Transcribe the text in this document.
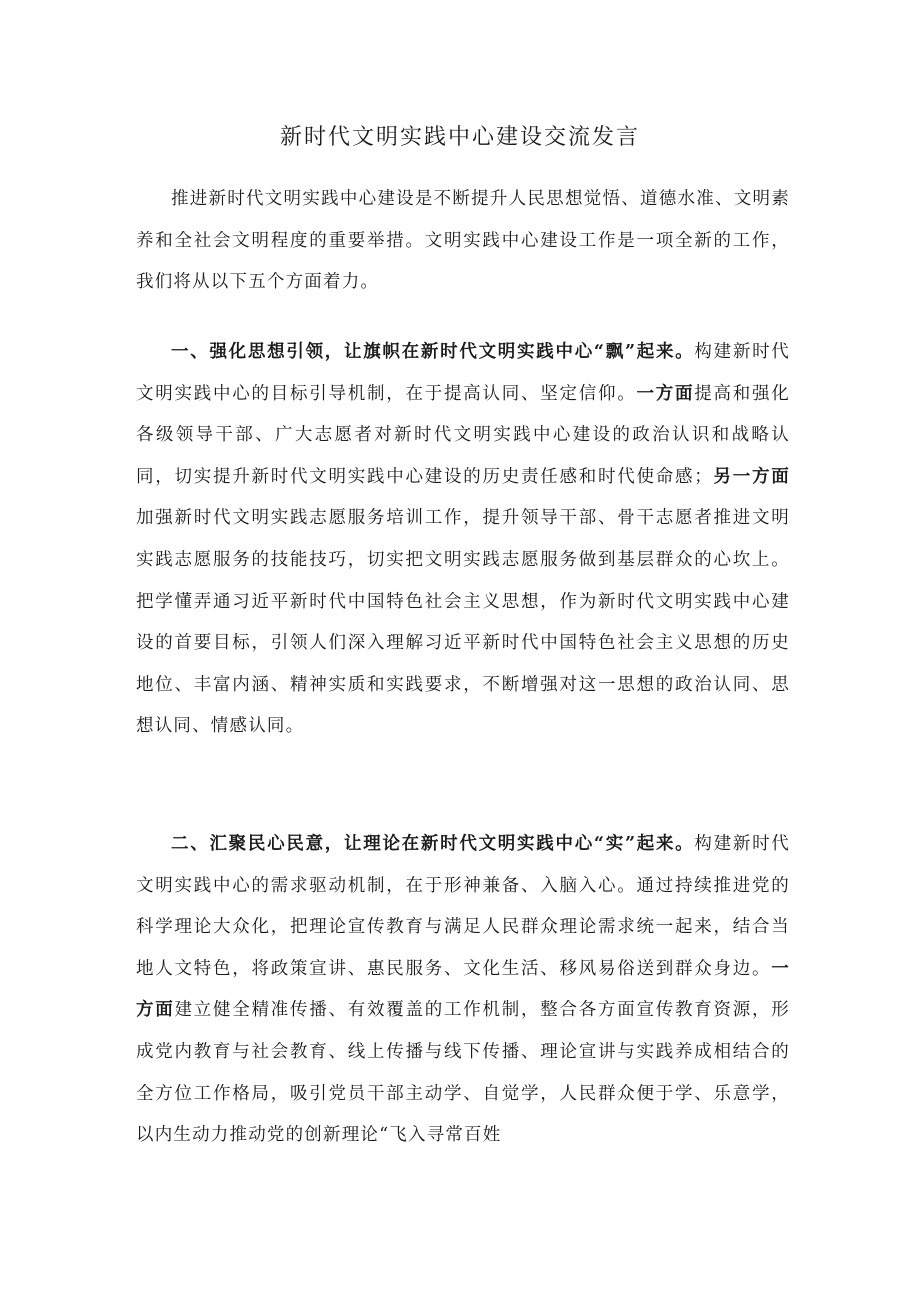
新时代文明实践中心建设交流发言

推进新时代文明实践中心建设是不断提升人民思想觉悟、道德水准、文明素养和全社会文明程度的重要举措。文明实践中心建设工作是一项全新的工作，我们将从以下五个方面着力。

一、强化思想引领，让旗帜在新时代文明实践中心“飘”起来。构建新时代文明实践中心的目标引导机制，在于提高认同、坚定信仰。一方面提高和强化各级领导干部、广大志愿者对新时代文明实践中心建设的政治认识和战略认同，切实提升新时代文明实践中心建设的历史责任感和时代使命感；另一方面加强新时代文明实践志愿服务培训工作，提升领导干部、骨干志愿者推进文明实践志愿服务的技能技巧，切实把文明实践志愿服务做到基层群众的心坎上。把学懂弄通习近平新时代中国特色社会主义思想，作为新时代文明实践中心建设的首要目标，引领人们深入理解习近平新时代中国特色社会主义思想的历史地位、丰富内涵、精神实质和实践要求，不断增强对这一思想的政治认同、思想认同、情感认同。

二、汇聚民心民意，让理论在新时代文明实践中心“实”起来。构建新时代文明实践中心的需求驱动机制，在于形神兼备、入脑入心。通过持续推进党的科学理论大众化，把理论宣传教育与满足人民群众理论需求统一起来，结合当地人文特色，将政策宣讲、惠民服务、文化生活、移风易俗送到群众身边。一方面建立健全精准传播、有效覆盖的工作机制，整合各方面宣传教育资源，形成党内教育与社会教育、线上传播与线下传播、理论宣讲与实践养成相结合的全方位工作格局，吸引党员干部主动学、自觉学，人民群众便于学、乐意学，以内生动力推动党的创新理论“飞入寻常百姓
